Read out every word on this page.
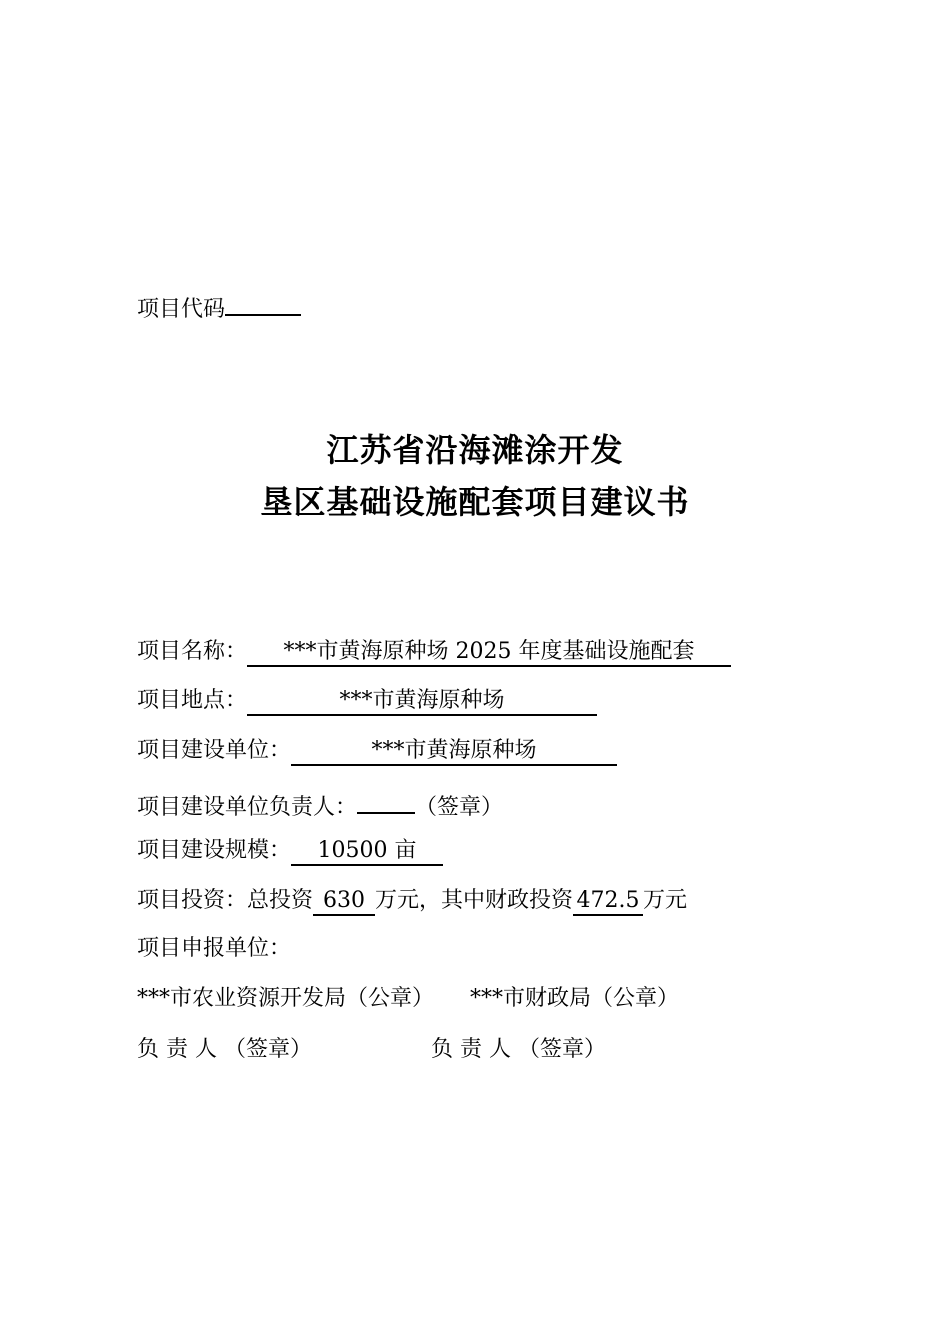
项目代码
江苏省沿海滩涂开发
垦区基础设施配套项目建议书
项目名称： ***市黄海原种场 2025 年度基础设施配套
项目地点：	***市黄海原种场
项目建设单位：	***市黄海原种场
项目建设单位负责人：	（签章）
项目建设规模： 10500 亩
项目投资：总投资 630 万元，其中财政投资 472.5 万元
项目申报单位：
***市农业资源开发局（公章） ***市财政局（公章）
负 责 人 （签章）	负 责 人 （签章）
